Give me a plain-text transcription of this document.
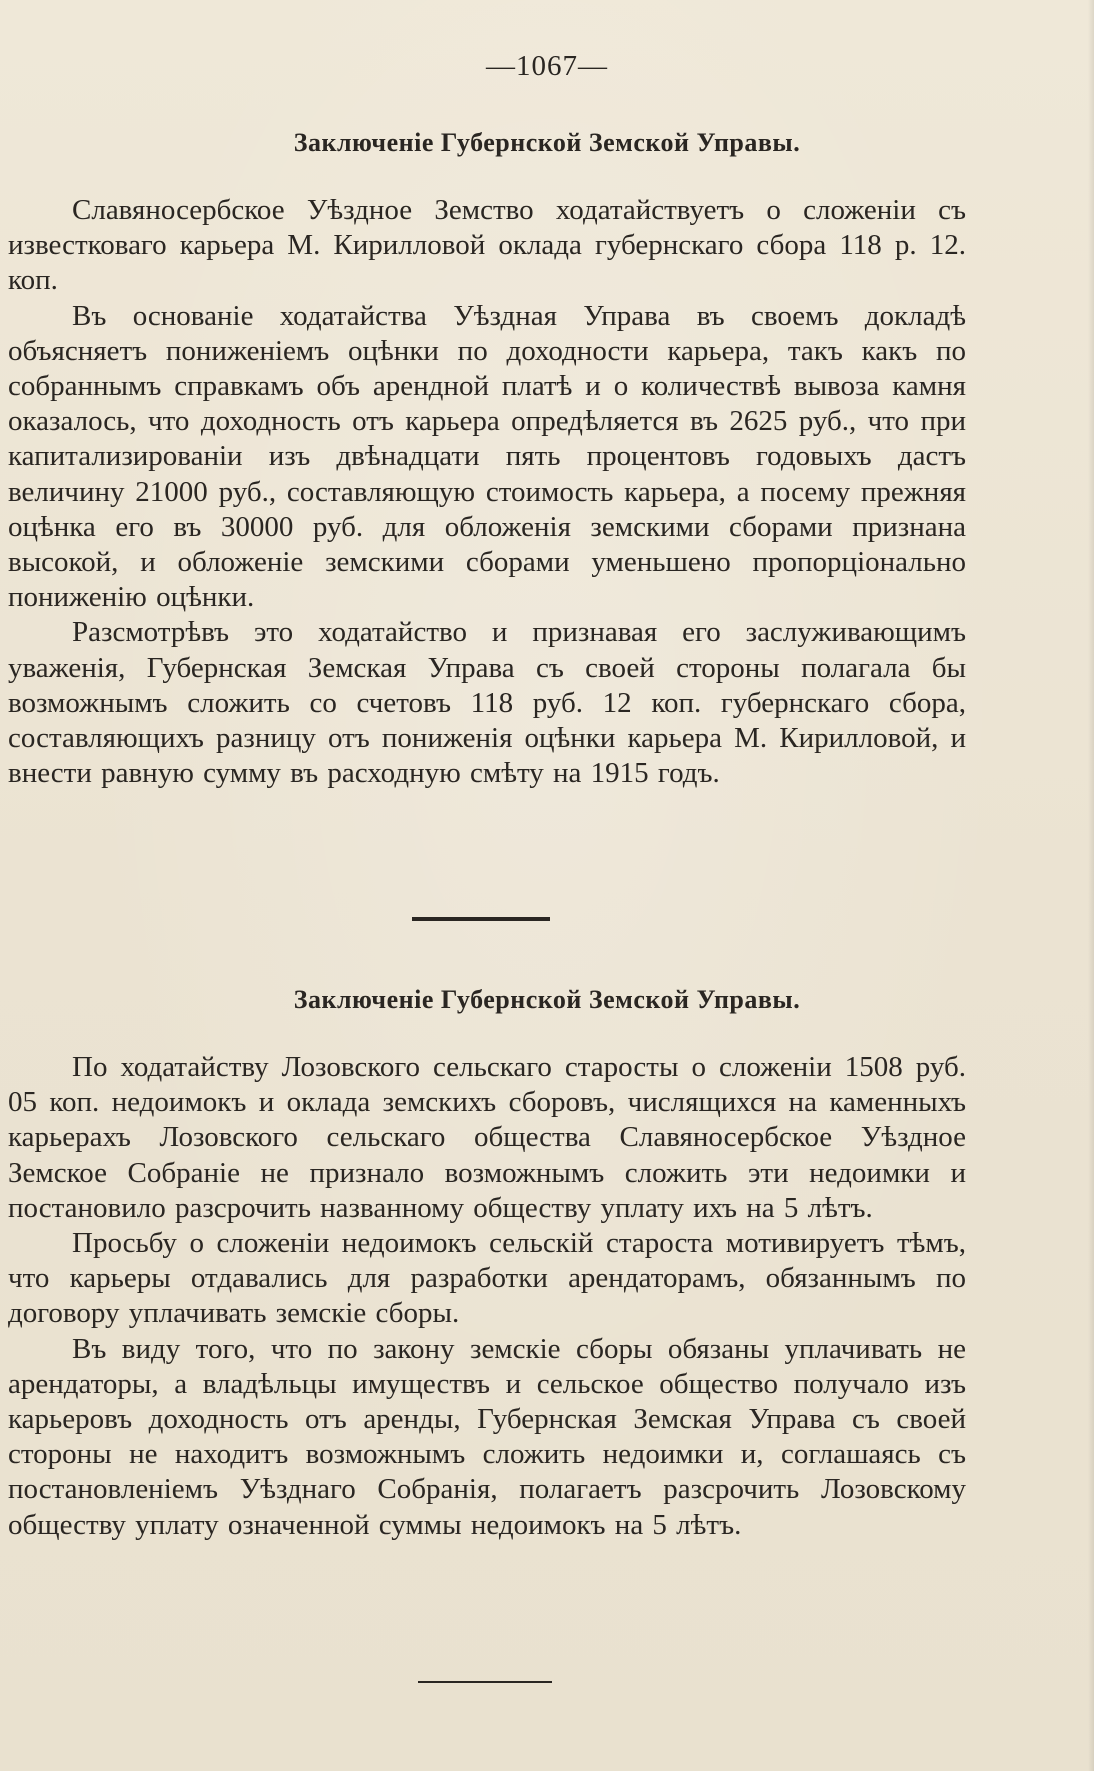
—1067—
Заключеніе Губернской Земской Управы.

Славяносербское Уѣздное Земство ходатайствуетъ о сложеніи съ известковаго карьера М. Кирилловой оклада губернскаго сбора 118 р. 12. коп.

Въ основаніе ходатайства Уѣздная Управа въ своемъ докладѣ объясняетъ пониженіемъ оцѣнки по доходности карьера, такъ какъ по собраннымъ справкамъ объ арендной платѣ и о количествѣ вывоза камня оказалось, что доходность отъ карьера опредѣляется въ 2625 руб., что при капитализированіи изъ двѣнадцати пять процентовъ годовыхъ дастъ величину 21000 руб., составляющую стоимость карьера, а посему прежняя оцѣнка его въ 30000 руб. для обложенія земскими сборами признана высокой, и обложеніе земскими сборами уменьшено пропорціонально пониженію оцѣнки.

Разсмотрѣвъ это ходатайство и признавая его заслуживающимъ уваженія, Губернская Земская Управа съ своей стороны полагала бы возможнымъ сложить со счетовъ 118 руб. 12 коп. губернскаго сбора, составляющихъ разницу отъ пониженія оцѣнки карьера М. Кирилловой, и внести равную сумму въ расходную смѣту на 1915 годъ.

Заключеніе Губернской Земской Управы.

По ходатайству Лозовского сельскаго старосты о сложеніи 1508 руб. 05 коп. недоимокъ и оклада земскихъ сборовъ, числящихся на каменныхъ карьерахъ Лозовского сельскаго общества Славяносербское Уѣздное Земское Собраніе не признало возможнымъ сложить эти недоимки и постановило разсрочить названному обществу уплату ихъ на 5 лѣтъ.

Просьбу о сложеніи недоимокъ сельскій староста мотивируетъ тѣмъ, что карьеры отдавались для разработки арендаторамъ, обязаннымъ по договору уплачивать земскіе сборы.

Въ виду того, что по закону земскіе сборы обязаны уплачивать не арендаторы, а владѣльцы имуществъ и сельское общество получало изъ карьеровъ доходность отъ аренды, Губернская Земская Управа съ своей стороны не находитъ возможнымъ сложить недоимки и, соглашаясь съ постановленіемъ Уѣзднаго Собранія, полагаетъ разсрочить Лозовскому обществу уплату означенной суммы недоимокъ на 5 лѣтъ.
